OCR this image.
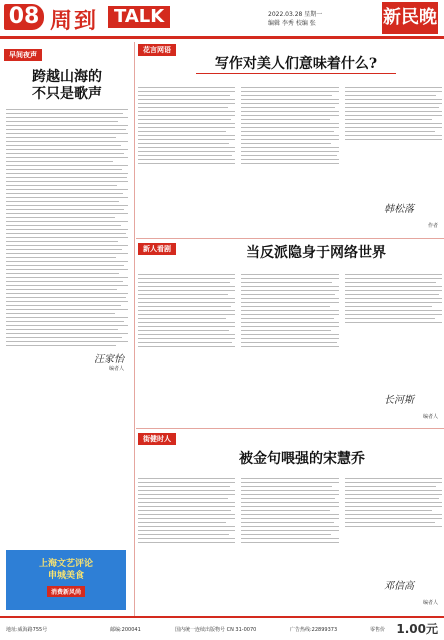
08 周到 TALK	2022.03.28 星期一
编辑 李秀 校编 张	新民晚报
早间夜声
跨越山海的
不只是歌声
汪家怡
编者人
上海文艺评论
申城美食
消费新风尚
花言网语
写作对美人们意味着什么?
韩松落
作者
新人看剧	当反派隐身于网络世界
长河斯
编者人
街健时人
被金句喂强的宋慧乔
邓信高
编者人
地址:威海路755号	邮编:200041	国内统一连续出版物号 CN 31-0070	广告热线:22899373	零售价 1.00元
